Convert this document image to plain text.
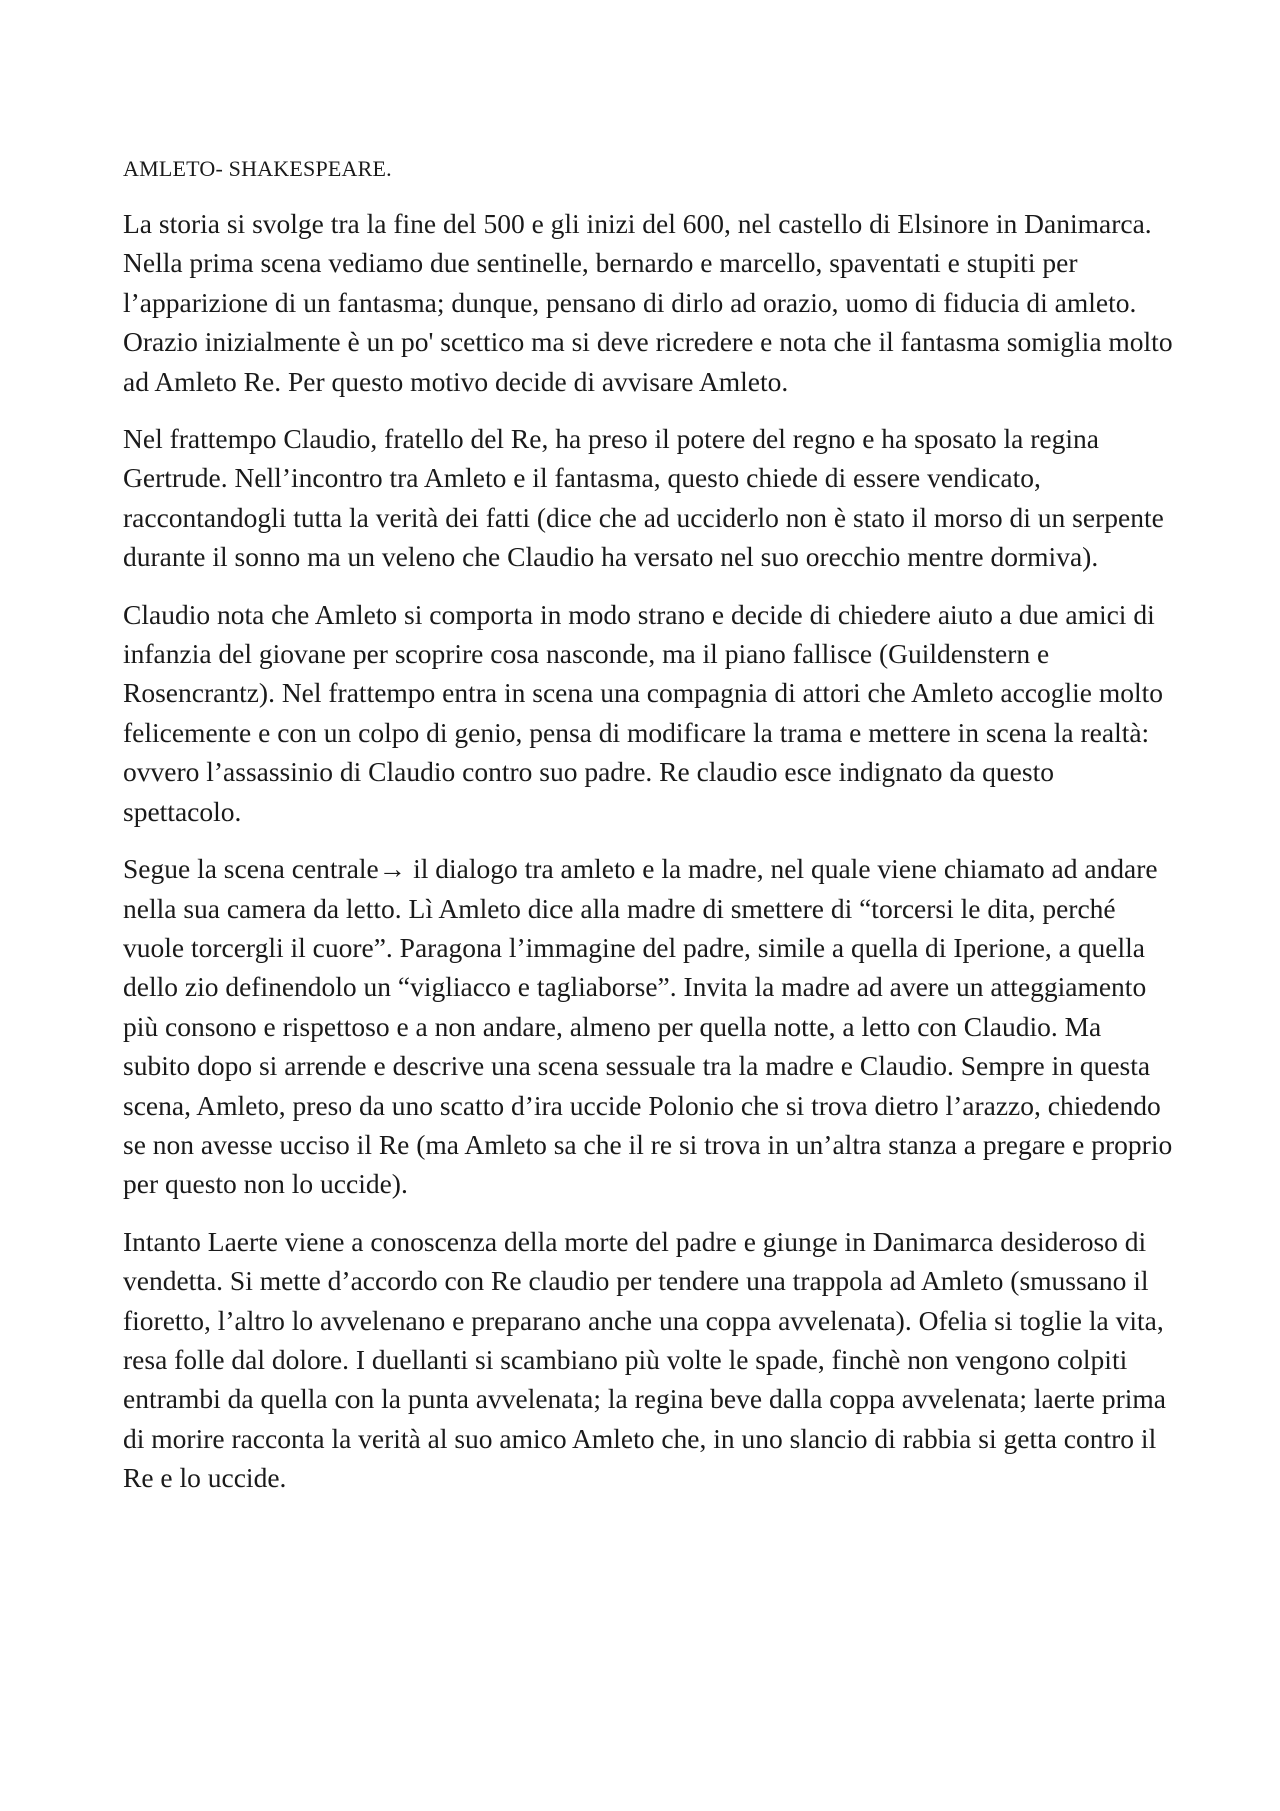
AMLETO- SHAKESPEARE.

La storia si svolge tra la fine del 500 e gli inizi del 600, nel castello di Elsinore in Danimarca. Nella prima scena vediamo due sentinelle, bernardo e marcello, spaventati e stupiti per l’apparizione di un fantasma; dunque, pensano di dirlo ad orazio, uomo di fiducia di amleto. Orazio inizialmente è un po' scettico ma si deve ricredere e nota che il fantasma somiglia molto ad Amleto Re. Per questo motivo decide di avvisare Amleto.

Nel frattempo Claudio, fratello del Re, ha preso il potere del regno e ha sposato la regina Gertrude. Nell’incontro tra Amleto e il fantasma, questo chiede di essere vendicato, raccontandogli tutta la verità dei fatti (dice che ad ucciderlo non è stato il morso di un serpente durante il sonno ma un veleno che Claudio ha versato nel suo orecchio mentre dormiva).

Claudio nota che Amleto si comporta in modo strano e decide di chiedere aiuto a due amici di infanzia del giovane per scoprire cosa nasconde, ma il piano fallisce (Guildenstern e Rosencrantz). Nel frattempo entra in scena una compagnia di attori che Amleto accoglie molto felicemente e con un colpo di genio, pensa di modificare la trama e mettere in scena la realtà: ovvero l’assassinio di Claudio contro suo padre. Re claudio esce indignato da questo spettacolo.

Segue la scena centrale→ il dialogo tra amleto e la madre, nel quale viene chiamato ad andare nella sua camera da letto. Lì Amleto dice alla madre di smettere di “torcersi le dita, perché vuole torcergli il cuore”. Paragona l’immagine del padre, simile a quella di Iperione, a quella dello zio definendolo un “vigliacco e tagliaborse”. Invita la madre ad avere un atteggiamento più consono e rispettoso e a non andare, almeno per quella notte, a letto con Claudio. Ma subito dopo si arrende e descrive una scena sessuale tra la madre e Claudio. Sempre in questa scena, Amleto, preso da uno scatto d’ira uccide Polonio che si trova dietro l’arazzo, chiedendo se non avesse ucciso il Re (ma Amleto sa che il re si trova in un’altra stanza a pregare e proprio per questo non lo uccide).

Intanto Laerte viene a conoscenza della morte del padre e giunge in Danimarca desideroso di vendetta. Si mette d’accordo con Re claudio per tendere una trappola ad Amleto (smussano il fioretto, l’altro lo avvelenano e preparano anche una coppa avvelenata). Ofelia si toglie la vita, resa folle dal dolore. I duellanti si scambiano più volte le spade, finchè non vengono colpiti entrambi da quella con la punta avvelenata; la regina beve dalla coppa avvelenata; laerte prima di morire racconta la verità al suo amico Amleto che, in uno slancio di rabbia si getta contro il Re e lo uccide.
